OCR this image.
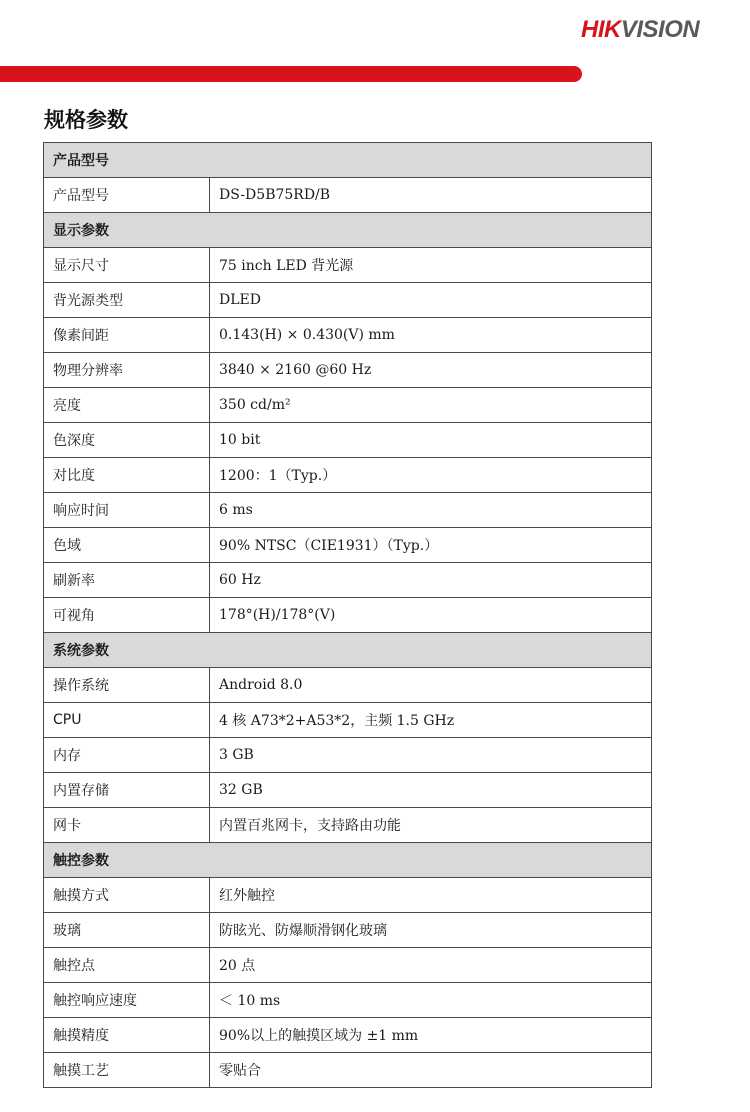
HIKVISION
规格参数
产品型号	
产品型号	DS-D5B75RD/B
显示参数	
显示尺寸	75 inch LED 背光源
背光源类型	DLED
像素间距	0.143(H) × 0.430(V) mm
物理分辨率	3840 × 2160 @60 Hz
亮度	350 cd/m²
色深度	10 bit
对比度	1200：1（Typ.）
响应时间	6 ms
色域	90% NTSC（CIE1931）（Typ.）
刷新率	60 Hz
可视角	178°(H)/178°(V)
系统参数	
操作系统	Android 8.0
CPU	4 核 A73*2+A53*2，主频 1.5 GHz
内存	3 GB
内置存储	32 GB
网卡	内置百兆网卡，支持路由功能
触控参数	
触摸方式	红外触控
玻璃	防眩光、防爆顺滑钢化玻璃
触控点	20 点
触控响应速度	＜ 10 ms
触摸精度	90%以上的触摸区域为 ±1 mm
触摸工艺	零贴合
